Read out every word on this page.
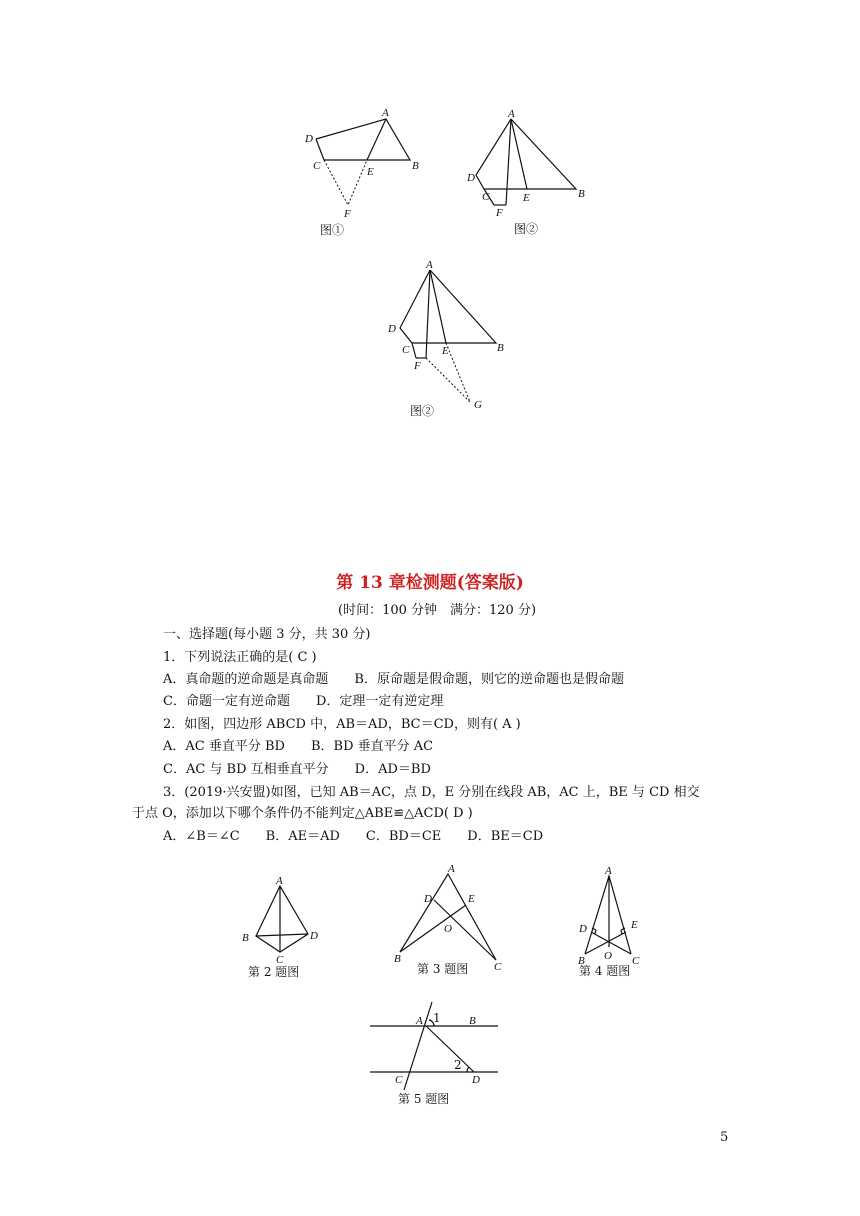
A
B
C
D
E
F
图①
A
B
C
D
E
F
图②
A
B
C
D
E
F
G
图②
第 13 章检测题(答案版)
(时间：100 分钟　满分：120 分)
一、选择题(每小题 3 分，共 30 分)
1．下列说法正确的是( C )
A．真命题的逆命题是真命题　　B．原命题是假命题，则它的逆命题也是假命题
C．命题一定有逆命题　　D．定理一定有逆定理
2．如图，四边形 ABCD 中，AB＝AD，BC＝CD，则有( A )
A．AC 垂直平分 BD　　B．BD 垂直平分 AC
C．AC 与 BD 互相垂直平分　　D．AD＝BD
3．(2019·兴安盟)如图，已知 AB＝AC，点 D，E 分别在线段 AB，AC 上，BE 与 CD 相交
于点 O，添加以下哪个条件仍不能判定△ABE≌△ACD( D )
A．∠B＝∠C　　B．AE＝AD　　C．BD＝CE　　D．BE＝CD
A
B
C
D
第 2 题图
A
B
C
D	E
O
第 3 题图
A
B	C
D	E
O
第 4 题图
A	B
C	D
1
2
第 5 题图
5
